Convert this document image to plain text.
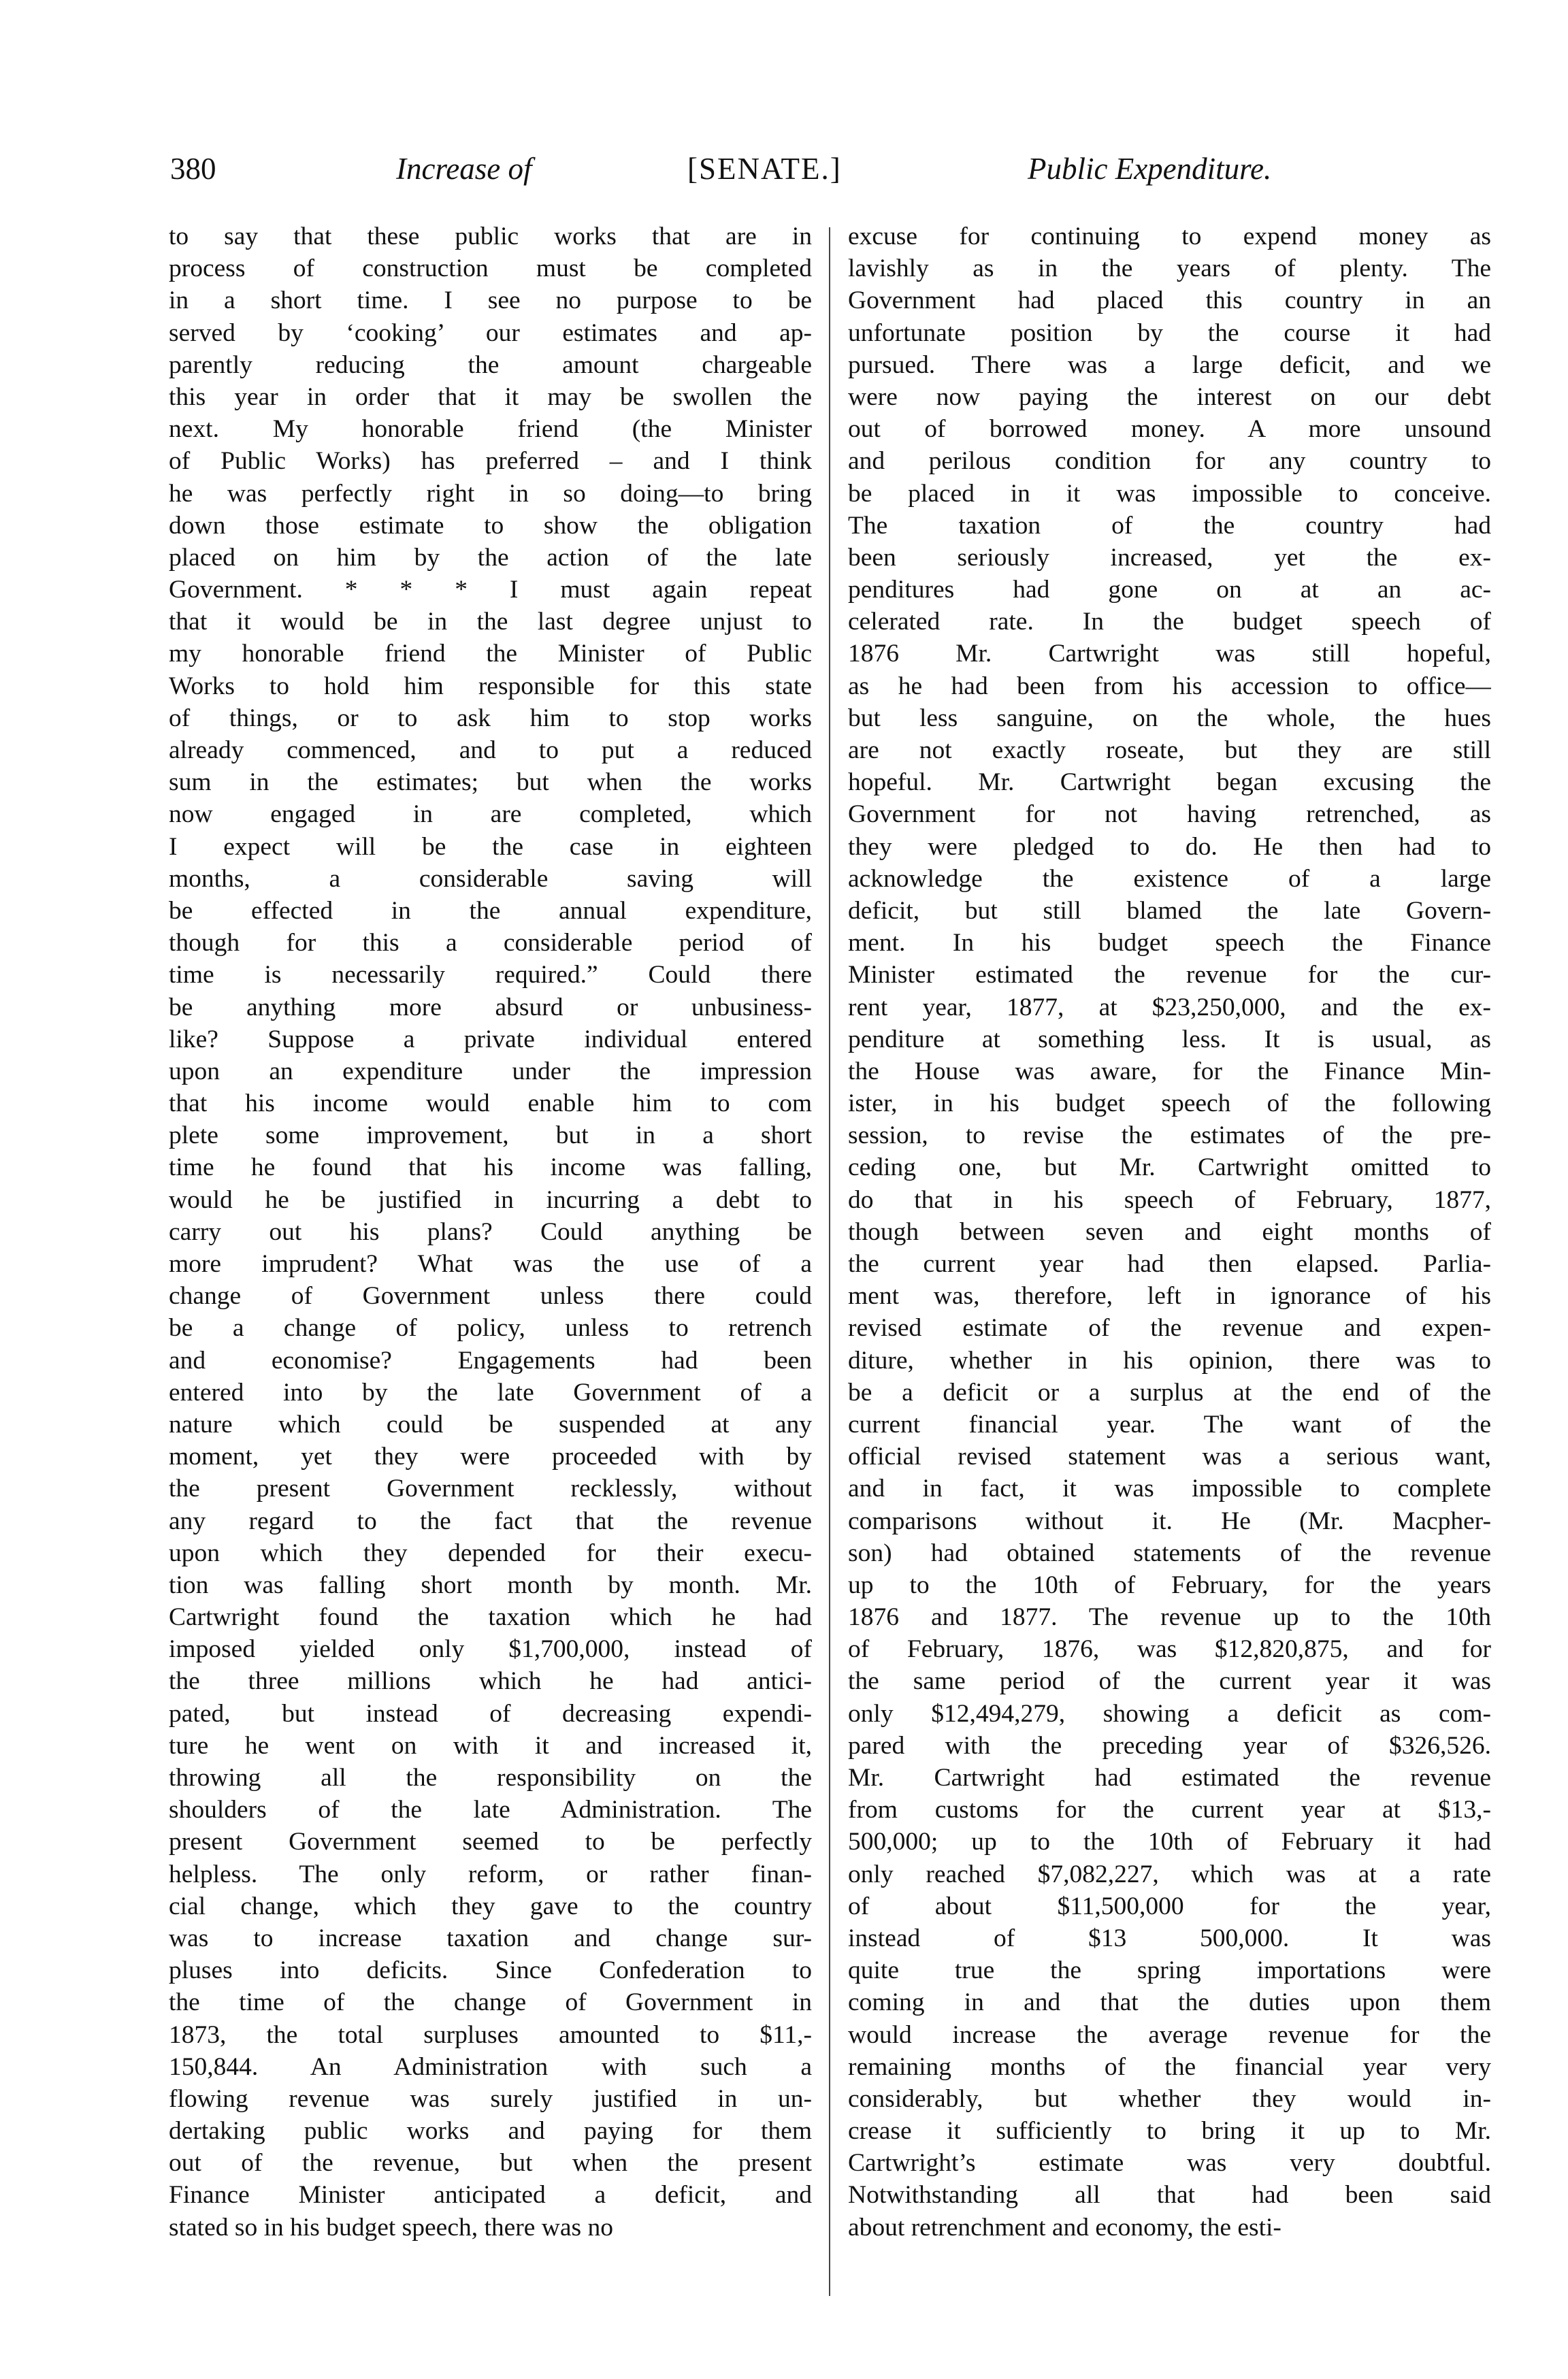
380	Increase of	[SENATE.]	Public Expenditure.
to say that these public works that are in
process of construction must be completed
in a short time. I see no purpose to be
served by ‘cooking’ our estimates and ap-
parently reducing the amount chargeable
this year in order that it may be swollen the
next. My honorable friend (the Minister
of Public Works) has preferred – and I think
he was perfectly right in so doing—to bring
down those estimate to show the obligation
placed on him by the action of the late
Government. * * * I must again repeat
that it would be in the last degree unjust to
my honorable friend the Minister of Public
Works to hold him responsible for this state
of things, or to ask him to stop works
already commenced, and to put a reduced
sum in the estimates; but when the works
now engaged in are completed, which
I expect will be the case in eighteen
months, a considerable saving will
be effected in the annual expenditure,
though for this a considerable period of
time is necessarily required.” Could there
be anything more absurd or unbusiness-
like? Suppose a private individual entered
upon an expenditure under the impression
that his income would enable him to com
plete some improvement, but in a short
time he found that his income was falling,
would he be justified in incurring a debt to
carry out his plans? Could anything be
more imprudent? What was the use of a
change of Government unless there could
be a change of policy, unless to retrench
and economise? Engagements had been
entered into by the late Government of a
nature which could be suspended at any
moment, yet they were proceeded with by
the present Government recklessly, without
any regard to the fact that the revenue
upon which they depended for their execu-
tion was falling short month by month. Mr.
Cartwright found the taxation which he had
imposed yielded only $1,700,000, instead of
the three millions which he had antici-
pated, but instead of decreasing expendi-
ture he went on with it and increased it,
throwing all the responsibility on the
shoulders of the late Administration. The
present Government seemed to be perfectly
helpless. The only reform, or rather finan-
cial change, which they gave to the country
was to increase taxation and change sur-
pluses into deficits. Since Confederation to
the time of the change of Government in
1873, the total surpluses amounted to $11,-
150,844. An Administration with such a
flowing revenue was surely justified in un-
dertaking public works and paying for them
out of the revenue, but when the present
Finance Minister anticipated a deficit, and
stated so in his budget speech, there was no
excuse for continuing to expend money as
lavishly as in the years of plenty. The
Government had placed this country in an
unfortunate position by the course it had
pursued. There was a large deficit, and we
were now paying the interest on our debt
out of borrowed money. A more unsound
and perilous condition for any country to
be placed in it was impossible to conceive.
The taxation of the country had
been seriously increased, yet the ex-
penditures had gone on at an ac-
celerated rate. In the budget speech of
1876 Mr. Cartwright was still hopeful,
as he had been from his accession to office—
but less sanguine, on the whole, the hues
are not exactly roseate, but they are still
hopeful. Mr. Cartwright began excusing the
Government for not having retrenched, as
they were pledged to do. He then had to
acknowledge the existence of a large
deficit, but still blamed the late Govern-
ment. In his budget speech the Finance
Minister estimated the revenue for the cur-
rent year, 1877, at $23,250,000, and the ex-
penditure at something less. It is usual, as
the House was aware, for the Finance Min-
ister, in his budget speech of the following
session, to revise the estimates of the pre-
ceding one, but Mr. Cartwright omitted to
do that in his speech of February, 1877,
though between seven and eight months of
the current year had then elapsed. Parlia-
ment was, therefore, left in ignorance of his
revised estimate of the revenue and expen-
diture, whether in his opinion, there was to
be a deficit or a surplus at the end of the
current financial year. The want of the
official revised statement was a serious want,
and in fact, it was impossible to complete
comparisons without it. He (Mr. Macpher-
son) had obtained statements of the revenue
up to the 10th of February, for the years
1876 and 1877. The revenue up to the 10th
of February, 1876, was $12,820,875, and for
the same period of the current year it was
only $12,494,279, showing a deficit as com-
pared with the preceding year of $326,526.
Mr. Cartwright had estimated the revenue
from customs for the current year at $13,-
500,000; up to the 10th of February it had
only reached $7,082,227, which was at a rate
of about $11,500,000 for the year,
instead of $13 500,000. It was
quite true the spring importations were
coming in and that the duties upon them
would increase the average revenue for the
remaining months of the financial year very
considerably, but whether they would in-
crease it sufficiently to bring it up to Mr.
Cartwright’s estimate was very doubtful.
Notwithstanding all that had been said
about retrenchment and economy, the esti-
